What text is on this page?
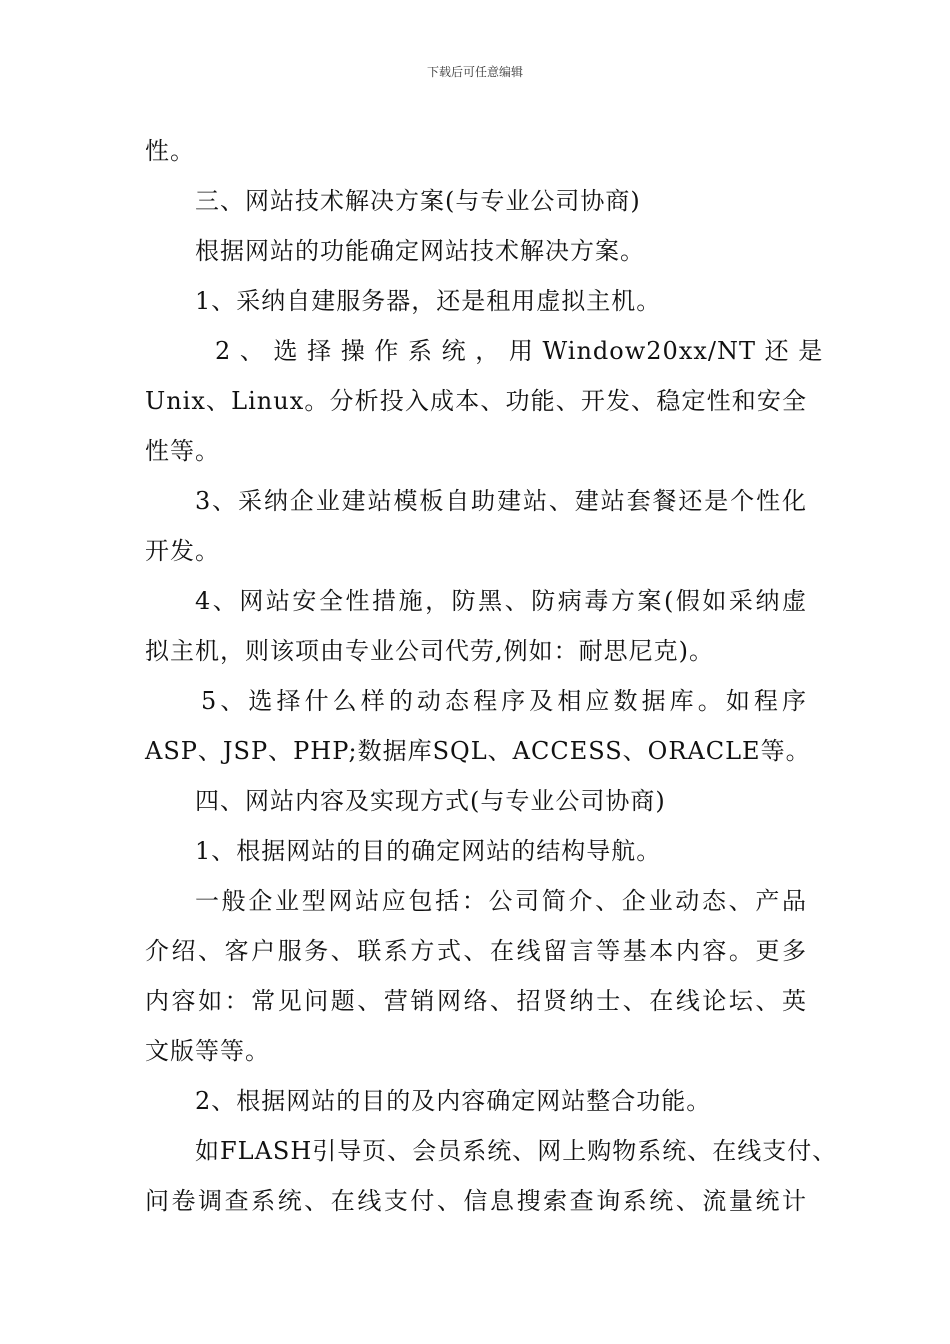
下载后可任意编辑

性。

三、网站技术解决方案(与专业公司协商)

根据网站的功能确定网站技术解决方案。

1、采纳自建服务器，还是租用虚拟主机。

2 、 选 择 操 作 系 统 ， 用 Window20xx/NT 还 是
Unix、Linux。分析投入成本、功能、开发、稳定性和安全
性等。

3、采纳企业建站模板自助建站、建站套餐还是个性化
开发。

4、网站安全性措施，防黑、防病毒方案(假如采纳虚
拟主机，则该项由专业公司代劳,例如：耐思尼克)。

5、选择什么样的动态程序及相应数据库。如程序
ASP、JSP、PHP;数据库SQL、ACCESS、ORACLE等。

四、网站内容及实现方式(与专业公司协商)

1、根据网站的目的确定网站的结构导航。

一般企业型网站应包括：公司简介、企业动态、产品
介绍、客户服务、联系方式、在线留言等基本内容。更多
内容如：常见问题、营销网络、招贤纳士、在线论坛、英
文版等等。

2、根据网站的目的及内容确定网站整合功能。

如FLASH引导页、会员系统、网上购物系统、在线支付、
问卷调查系统、在线支付、信息搜索查询系统、流量统计
